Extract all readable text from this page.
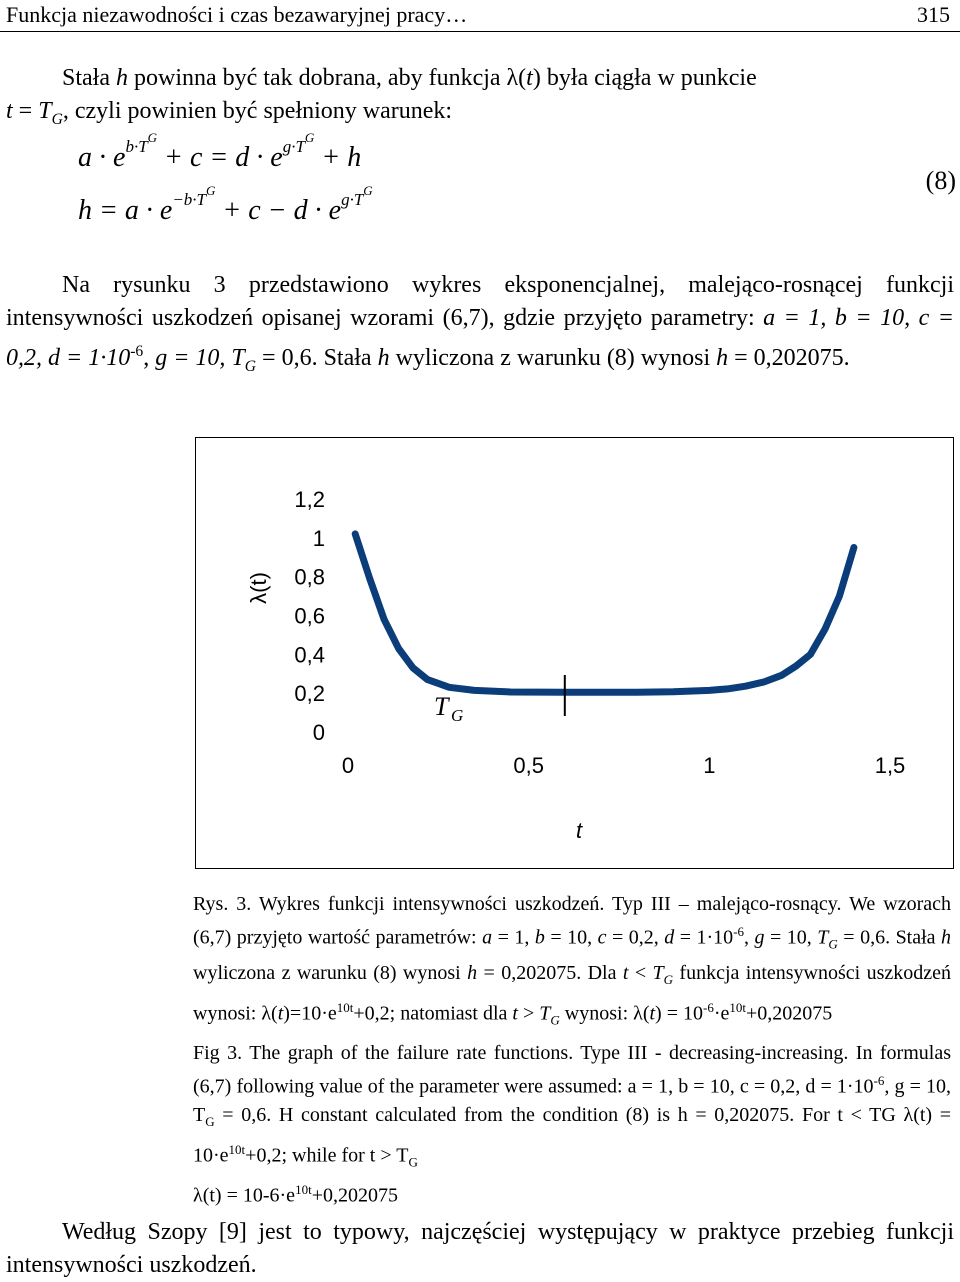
Funkcja niezawodności i czas bezawaryjnej pracy…	315
Stała h powinna być tak dobrana, aby funkcja λ(t) była ciągła w punkcie
$t = T_G$, czyli powinien być spełniony warunek:
$a \cdot e^{b\cdot T^G} + c = d \cdot e^{g\cdot T^G} + h$
$h = a \cdot e^{-b\cdot T^G} + c - d \cdot e^{g\cdot T^G}$	(8)
Na rysunku 3 przedstawiono wykres eksponencjalnej, malejąco-rosnącej funkcji intensywności uszkodzeń opisanej wzorami (6,7), gdzie przyjęto parametry: a = 1, b = 10, c = 0,2, $d = 1\cdot 10^{-6}$, g = 10, $T_G = 0,6$. Stała h wyliczona z warunku (8) wynosi h = 0,202075.
1,2
1
0,8
0,6
0,4
0,2
0
0	0,5	1	1,5
λ(t)
t
T G
Rys. 3. Wykres funkcji intensywności uszkodzeń. Typ III – malejąco-rosnący. We wzorach (6,7) przyjęto wartość parametrów: a = 1, b = 10, c = 0,2, $d = 1\cdot 10^{-6}$, g = 10, $T_G = 0,6$. Stała h wyliczona z warunku (8) wynosi h = 0,202075. Dla $t < T_G$ funkcja intensywności uszkodzeń wynosi: $\lambda(t)=10\cdot e^{10t}+0,2$; natomiast dla $t > T_G$ wynosi: $\lambda(t) = 10^{-6}\cdot e^{10t}+0,202075$
Fig 3. The graph of the failure rate functions. Type III - decreasing-increasing. In formulas (6,7) following value of the parameter were assumed: a = 1, b = 10, c = 0,2, $d = 1\cdot 10^{-6}$, g = 10, $T_G = 0,6$. H constant calculated from the condition (8) is h = 0,202075. For t < TG $\lambda(t) = 10\cdot e^{10t}+0,2$; while for $t > T_G$
$\lambda(t) = 10-6\cdot e^{10t}+0,202075$
Według Szopy [9] jest to typowy, najczęściej występujący w praktyce przebieg funkcji intensywności uszkodzeń.
